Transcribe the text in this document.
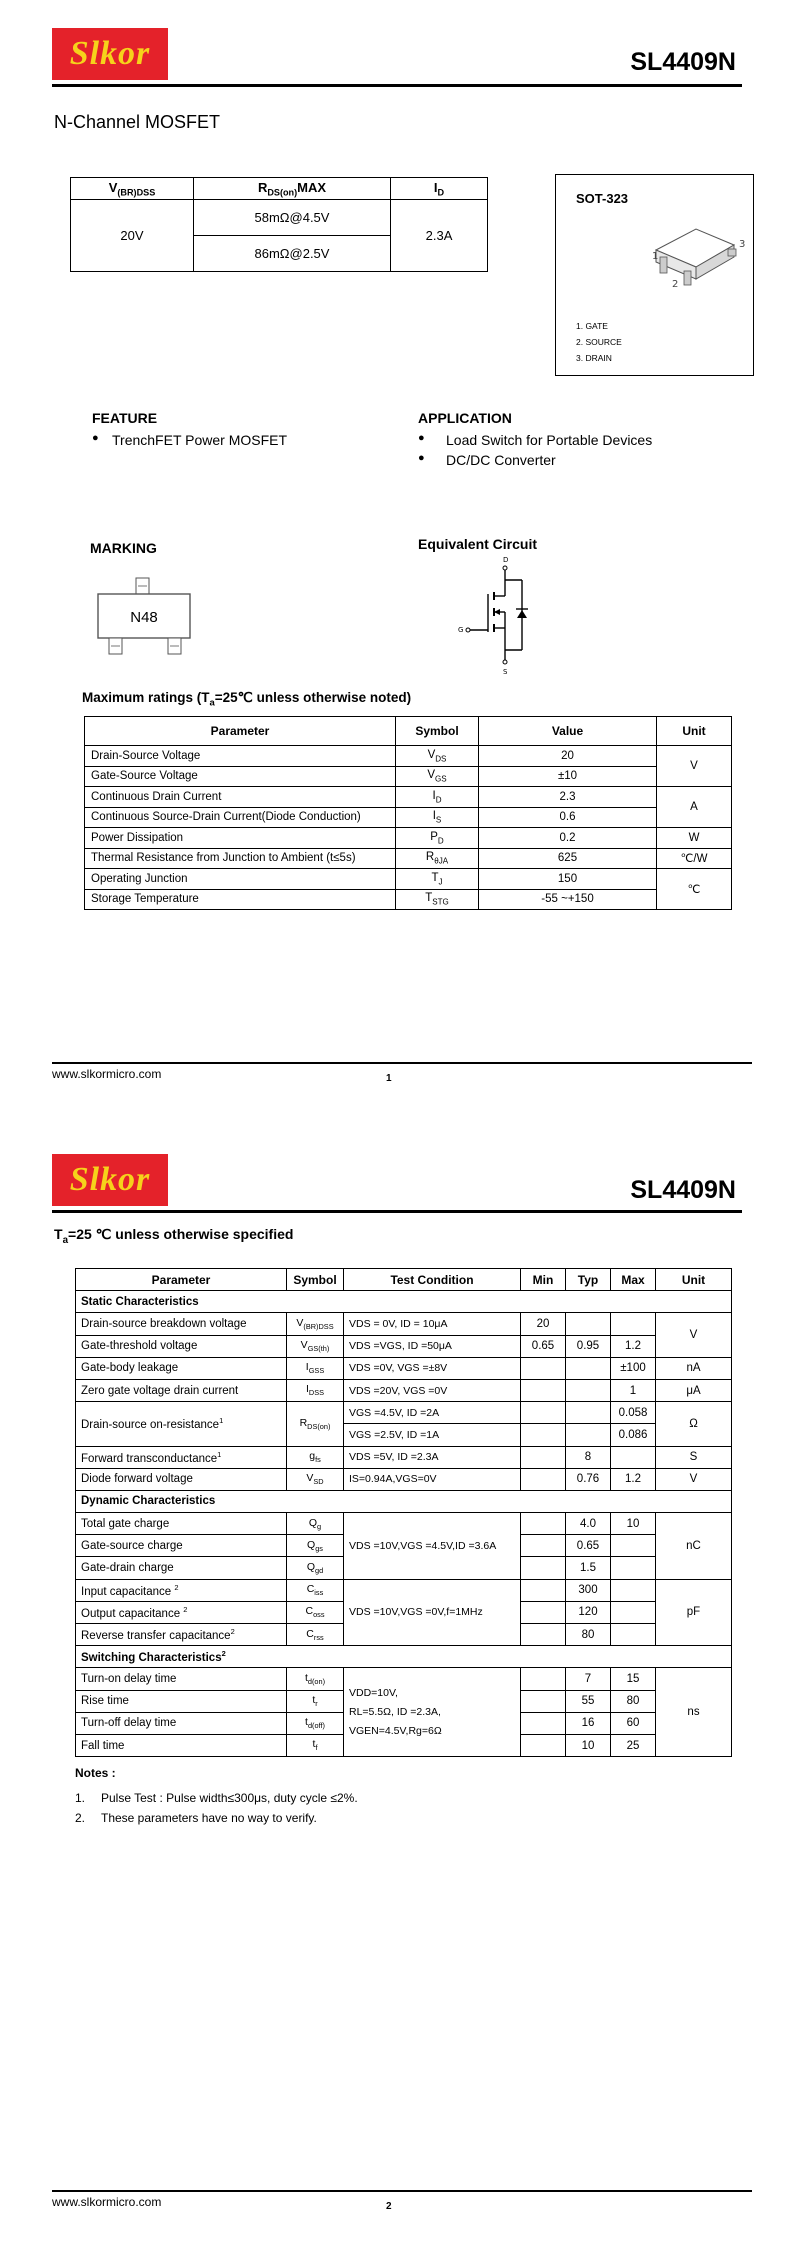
Slkor	SL4409N
N-Channel MOSFET
$V_{(BR)DSS}$	$R_{DS(on)}MAX$	$I_D$
20V	58mΩ@4.5V	2.3A
	86mΩ@2.5V	
SOT-323
1
2
3
1. GATE
2. SOURCE
3. DRAIN
FEATURE
● TrenchFET Power MOSFET
APPLICATION
● Load Switch for Portable Devices
● DC/DC Converter
MARKING
N48
Equivalent Circuit
D
G
S
Maximum ratings ($T_a=25℃$ unless otherwise noted)
Parameter	Symbol	Value	Unit
Drain-Source Voltage	$V_{DS}$	20	V
Gate-Source Voltage	$V_{GS}$	±10	
Continuous Drain Current	$I_D$	2.3	A
Continuous Source-Drain Current(Diode Conduction)	$I_S$	0.6	
Power Dissipation	$P_D$	0.2	W
Thermal Resistance from Junction to Ambient (t≤5s)	$R_{\theta JA}$	625	℃/W
Operating Junction	$T_J$	150	℃
Storage Temperature	$T_{STG}$	-55 ~+150	
www.slkormicro.com	1
Slkor	SL4409N
$T_a=25$ ℃ unless otherwise specified
Parameter	Symbol	Test Condition	Min	Typ	Max	Unit
Static Characteristics						
Drain-source breakdown voltage	$V_{(BR)DSS}$	VDS = 0V, ID = 10μA	20			V
Gate-threshold voltage	$V_{GS(th)}$	VDS =VGS, ID =50μA	0.65	0.95	1.2	
Gate-body leakage	$I_{GSS}$	VDS =0V, VGS =±8V			±100	nA
Zero gate voltage drain current	$I_{DSS}$	VDS =20V, VGS =0V			1	μA
Drain-source on-resistance$^1$	$R_{DS(on)}$	VGS =4.5V, ID =2A			0.058	Ω
		VGS =2.5V, ID =1A			0.086	
Forward transconductance$^1$	$g_{fs}$	VDS =5V, ID =2.3A		8		S
Diode forward voltage	$V_{SD}$	IS=0.94A,VGS=0V		0.76	1.2	V
Dynamic Characteristics						
Total gate charge	$Q_g$	VDS =10V,VGS =4.5V,ID =3.6A		4.0	10	nC
Gate-source charge	$Q_{gs}$			0.65		
Gate-drain charge	$Q_{gd}$			1.5		
Input capacitance $^2$	$C_{iss}$	VDS =10V,VGS =0V,f=1MHz		300		pF
Output capacitance $^2$	$C_{oss}$			120		
Reverse transfer capacitance$^2$	$C_{rss}$			80		
Switching Characteristics$^2$
Turn-on delay time	$t_{d(on)}$	VDD=10V,
RL=5.5Ω, ID =2.3A,
VGEN=4.5V,Rg=6Ω		7	15	ns
Rise time	$t_r$			55	80	
Turn-off delay time	$t_{d(off)}$			16	60	
Fall time	$t_f$			10	25	
Notes :
1. Pulse Test : Pulse width≤300μs, duty cycle ≤2%.
2. These parameters have no way to verify.
www.slkormicro.com	2
